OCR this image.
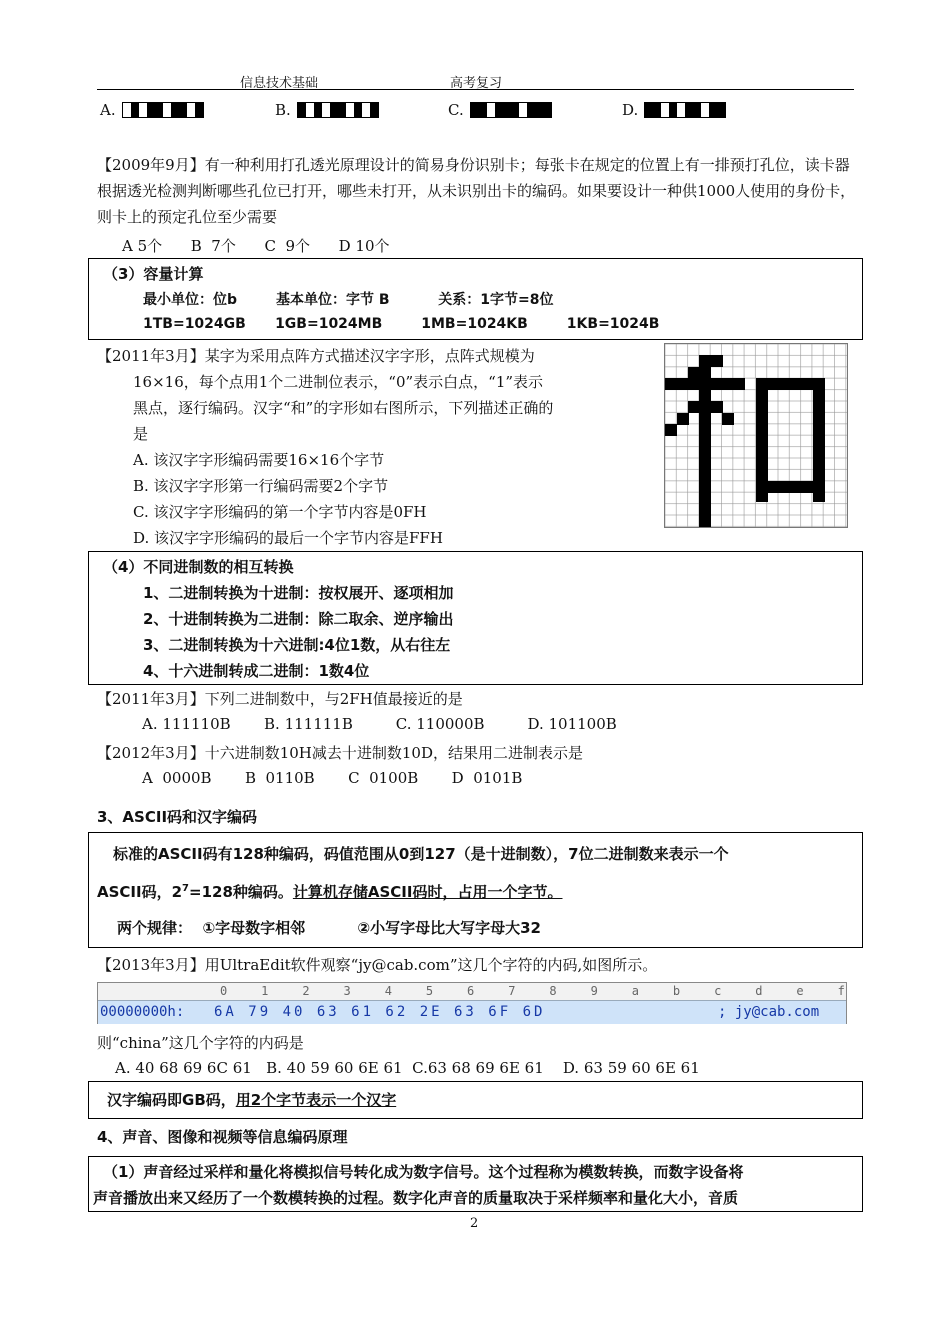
信息技术基础	高考复习
A.	B.	C.	D.
【2009年9月】有一种利用打孔透光原理设计的简易身份识别卡；每张卡在规定的位置上有一排预打孔位，读卡器根据透光检测判断哪些孔位已打开，哪些未打开，从未识别出卡的编码。如果要设计一种供1000人使用的身份卡，则卡上的预定孔位至少需要
A 5个      B  7个      C  9个      D 10个
（3）容量计算
最小单位：位b        基本单位：字节 B          关系：1字节=8位
1TB=1024GB      1GB=1024MB        1MB=1024KB        1KB=1024B
【2011年3月】某字为采用点阵方式描述汉字字形，点阵式规模为
16×16，每个点用1个二进制位表示，“0”表示白点，“1”表示
黑点，逐行编码。汉字“和”的字形如右图所示，下列描述正确的
是
A. 该汉字字形编码需要16×16个字节
B. 该汉字字形第一行编码需要2个字节
C. 该汉字字形编码的第一个字节内容是0FH
D. 该汉字字形编码的最后一个字节内容是FFH
（4）不同进制数的相互转换
1、二进制转换为十进制：按权展开、逐项相加
2、十进制转换为二进制：除二取余、逆序输出
3、二进制转换为十六进制:4位1数，从右往左
4、十六进制转成二进制：1数4位
【2011年3月】下列二进制数中，与2FH值最接近的是
A. 111110B       B. 111111B         C. 110000B         D. 101100B
【2012年3月】十六进制数10H减去十进制数10D，结果用二进制表示是
A  0000B       B  0110B       C  0100B       D  0101B
3、ASCII码和汉字编码
标准的ASCII码有128种编码，码值范围从0到127（是十进制数），7位二进制数来表示一个
ASCII码，$2^7=128$种编码。计算机存储ASCII码时，占用一个字节。
两个规律：  ①字母数字相邻          ②小写字母比大写字母大32
【2013年3月】用UltraEdit软件观察“jy@cab.com”这几个字符的内码,如图所示。
0  1  2  3  4  5  6  7  8  9  a  b  c  d  e  f
00000000h: 6A 79 40 63 61 62 2E 63 6F 6D	; jy@cab.com
则“china”这几个字符的内码是
A. 40 68 69 6C 61   B. 40 59 60 6E 61  C.63 68 69 6E 61    D. 63 59 60 6E 61
汉字编码即GB码，用2个字节表示一个汉字
4、声音、图像和视频等信息编码原理
（1）声音经过采样和量化将模拟信号转化成为数字信号。这个过程称为模数转换，而数字设备将
声音播放出来又经历了一个数模转换的过程。数字化声音的质量取决于采样频率和量化大小，音质
2
